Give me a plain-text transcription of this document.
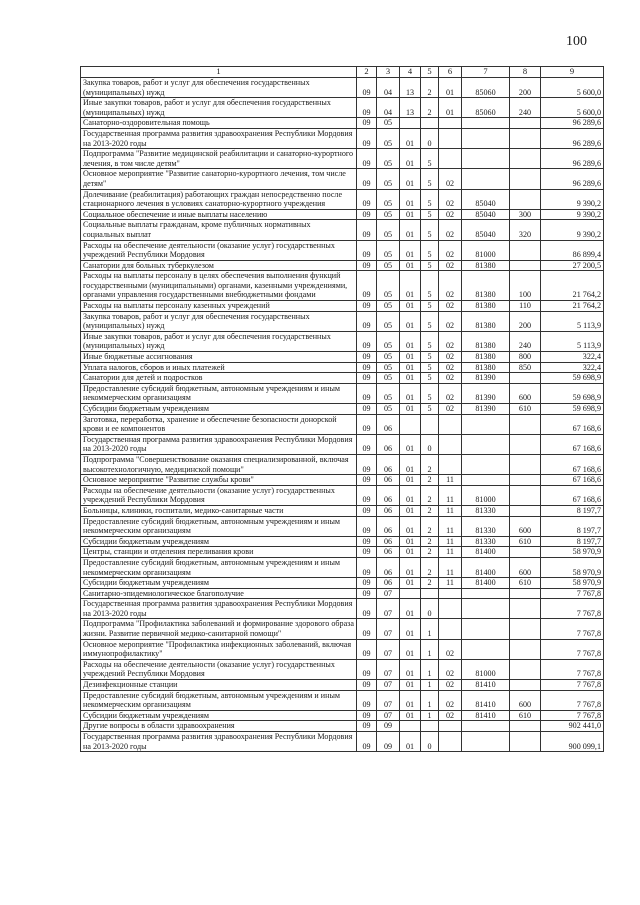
100
1	2	3	4	5	6	7	8	9
Закупка товаров, работ и услуг для обеспечения государственных (муниципальных) нужд	09	04	13	2	01	85060	200	5 600,0
Иные закупки товаров, работ и услуг для обеспечения государственных (муниципальных) нужд	09	04	13	2	01	85060	240	5 600,0
Санаторно-оздоровительная помощь	09	05						96 289,6
Государственная программа развития здравоохранения Республики Мордовия на 2013-2020 годы	09	05	01	0				96 289,6
Подпрограмма "Развитие медицинской реабилитации и санаторно-курортного лечения, в том числе детям"	09	05	01	5				96 289,6
Основное мероприятие "Развитие санаторно-курортного лечения, том числе детям"	09	05	01	5	02			96 289,6
Долечивание (реабилитация) работающих граждан непосредственно после стационарного лечения в условиях санаторно-курортного учреждения	09	05	01	5	02	85040		9 390,2
Социальное обеспечение и иные выплаты населению	09	05	01	5	02	85040	300	9 390,2
Социальные выплаты гражданам, кроме публичных нормативных социальных выплат	09	05	01	5	02	85040	320	9 390,2
Расходы на обеспечение деятельности (оказание услуг) государственных учреждений Республики Мордовия	09	05	01	5	02	81000		86 899,4
Санатории для больных туберкулезом	09	05	01	5	02	81380		27 200,5
Расходы на выплаты персоналу в целях обеспечения выполнения функций государственными (муниципальными) органами, казенными учреждениями, органами управления государственными внебюджетными фондами	09	05	01	5	02	81380	100	21 764,2
Расходы на выплаты персоналу казенных учреждений	09	05	01	5	02	81380	110	21 764,2
Закупка товаров, работ и услуг для обеспечения государственных (муниципальных) нужд	09	05	01	5	02	81380	200	5 113,9
Иные закупки товаров, работ и услуг для обеспечения государственных (муниципальных) нужд	09	05	01	5	02	81380	240	5 113,9
Иные бюджетные ассигнования	09	05	01	5	02	81380	800	322,4
Уплата налогов, сборов и иных платежей	09	05	01	5	02	81380	850	322,4
Санатории для детей и подростков	09	05	01	5	02	81390		59 698,9
Предоставление субсидий бюджетным, автономным учреждениям и иным некоммерческим организациям	09	05	01	5	02	81390	600	59 698,9
Субсидии бюджетным учреждениям	09	05	01	5	02	81390	610	59 698,9
Заготовка, переработка, хранение и обеспечение безопасности донорской крови и ее компонентов	09	06						67 168,6
Государственная программа развития здравоохранения Республики Мордовия на 2013-2020 годы	09	06	01	0				67 168,6
Подпрограмма "Совершенствование оказания специализированной, включая высокотехнологичную, медицинской помощи"	09	06	01	2				67 168,6
Основное мероприятие "Развитие службы крови"	09	06	01	2	11			67 168,6
Расходы на обеспечение деятельности (оказание услуг) государственных учреждений Республики Мордовия	09	06	01	2	11	81000		67 168,6
Больницы, клиники, госпитали, медико-санитарные части	09	06	01	2	11	81330		8 197,7
Предоставление субсидий бюджетным, автономным учреждениям и иным некоммерческим организациям	09	06	01	2	11	81330	600	8 197,7
Субсидии бюджетным учреждениям	09	06	01	2	11	81330	610	8 197,7
Центры, станции и отделения переливания крови	09	06	01	2	11	81400		58 970,9
Предоставление субсидий бюджетным, автономным учреждениям и иным некоммерческим организациям	09	06	01	2	11	81400	600	58 970,9
Субсидии бюджетным учреждениям	09	06	01	2	11	81400	610	58 970,9
Санитарно-эпидемиологическое благополучие	09	07						7 767,8
Государственная программа развития здравоохранения Республики Мордовия на 2013-2020 годы	09	07	01	0				7 767,8
Подпрограмма "Профилактика заболеваний и формирование здорового образа жизни. Развитие первичной медико-санитарной помощи"	09	07	01	1				7 767,8
Основное мероприятие "Профилактика инфекционных заболеваний, включая иммунопрофилактику"	09	07	01	1	02			7 767,8
Расходы на обеспечение деятельности (оказание услуг) государственных учреждений Республики Мордовия	09	07	01	1	02	81000		7 767,8
Дезинфекционные станции	09	07	01	1	02	81410		7 767,8
Предоставление субсидий бюджетным, автономным учреждениям и иным некоммерческим организациям	09	07	01	1	02	81410	600	7 767,8
Субсидии бюджетным учреждениям	09	07	01	1	02	81410	610	7 767,8
Другие вопросы в области здравоохранения	09	09						902 441,0
Государственная программа развития здравоохранения Республики Мордовия на 2013-2020 годы	09	09	01	0				900 099,1
